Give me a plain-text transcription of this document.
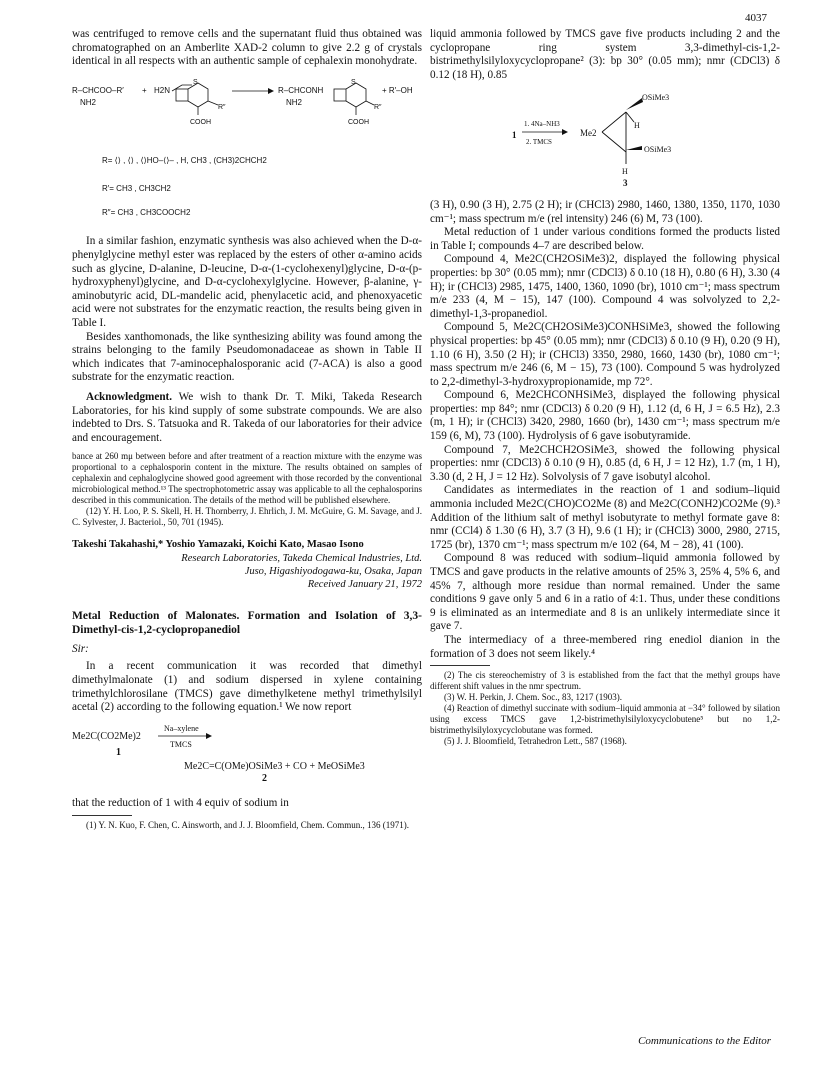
4037

was centrifuged to remove cells and the supernatant fluid thus obtained was chromatographed on an Amberlite XAD-2 column to give 2.2 g of crystals identical in all respects with an authentic sample of cephalexin monohydrate.

R–CHCOO–R′
NH2
+ H2N
S
COOH
R″
R–CHCONH
NH2
S
COOH
R″
+ R′–OH
R= ⟨⟩ , ⟨⟩ , ⟨⟩HO–⟨⟩– , H, CH3 , (CH3)2CHCH2
R′= CH3 , CH3CH2
R″= CH3 , CH3COOCH2

In a similar fashion, enzymatic synthesis was also achieved when the D-α-phenylglycine methyl ester was replaced by the esters of other α-amino acids such as glycine, D-alanine, D-leucine, D-α-(1-cyclohexenyl)glycine, D-α-(p-hydroxyphenyl)glycine, and D-α-cyclohexylglycine. However, β-alanine, γ-aminobutyric acid, DL-mandelic acid, phenylacetic acid, and phenoxyacetic acid were not substrates for the enzymatic reaction, the results being given in Table I.

Besides xanthomonads, the like synthesizing ability was found among the strains belonging to the family Pseudomonadaceae as shown in Table II which indicates that 7-aminocephalosporanic acid (7-ACA) is also a good substrate for the enzymatic reaction.

Acknowledgment. We wish to thank Dr. T. Miki, Takeda Research Laboratories, for his kind supply of some substrate compounds. We are also indebted to Drs. S. Tatsuoka and R. Takeda of our laboratories for their advice and encouragement.

bance at 260 mμ between before and after treatment of a reaction mixture with the enzyme was proportional to a cephalosporin content in the mixture. The results obtained on samples of cephalexin and cephaloglycine showed good agreement with those recorded by the conventional microbiological method.¹³ The spectrophotometric assay was applicable to all the cephalosporins described in this communication. The details of the method will be published elsewhere.

(12) Y. H. Loo, P. S. Skell, H. H. Thornberry, J. Ehrlich, J. M. McGuire, G. M. Savage, and J. C. Sylvester, J. Bacteriol., 50, 701 (1945).

Takeshi Takahashi,* Yoshio Yamazaki, Koichi Kato, Masao Isono

Research Laboratories, Takeda Chemical Industries, Ltd.

Juso, Higashiyodogawa-ku, Osaka, Japan

Received January 21, 1972

Metal Reduction of Malonates. Formation and Isolation of 3,3-Dimethyl-cis-1,2-cyclopropanediol

Sir:

In a recent communication it was recorded that dimethyl dimethylmalonate (1) and sodium dispersed in xylene containing trimethylchlorosilane (TMCS) gave dimethylketene methyl trimethylsilyl acetal (2) according to the following equation.¹ We now report

Me2C(CO2Me)2
Na–xylene
TMCS
1
Me2C=C(OMe)OSiMe3 + CO + MeOSiMe3
2

that the reduction of 1 with 4 equiv of sodium in

(1) Y. N. Kuo, F. Chen, C. Ainsworth, and J. J. Bloomfield, Chem. Commun., 136 (1971).

liquid ammonia followed by TMCS gave five products including 2 and the cyclopropane ring system 3,3-dimethyl-cis-1,2-bistrimethylsilyloxycyclopropane² (3): bp 30° (0.05 mm); nmr (CDCl3) δ 0.12 (18 H), 0.85

1
1. 4Na–NH3
2. TMCS
Me2
OSiMe3
H
OSiMe3
H
3

(3 H), 0.90 (3 H), 2.75 (2 H); ir (CHCl3) 2980, 1460, 1380, 1350, 1170, 1030 cm⁻¹; mass spectrum m/e (rel intensity) 246 (6) M, 73 (100).

Metal reduction of 1 under various conditions formed the products listed in Table I; compounds 4–7 are described below.

Compound 4, Me2C(CH2OSiMe3)2, displayed the following physical properties: bp 30° (0.05 mm); nmr (CDCl3) δ 0.10 (18 H), 0.80 (6 H), 3.30 (4 H); ir (CHCl3) 2985, 1475, 1400, 1360, 1090 (br), 1010 cm⁻¹; mass spectrum m/e 233 (4, M − 15), 147 (100). Compound 4 was solvolyzed to 2,2-dimethyl-1,3-propanediol.

Compound 5, Me2C(CH2OSiMe3)CONHSiMe3, showed the following physical properties: bp 45° (0.05 mm); nmr (CDCl3) δ 0.10 (9 H), 0.20 (9 H), 1.10 (6 H), 3.50 (2 H); ir (CHCl3) 3350, 2980, 1660, 1430 (br), 1080 cm⁻¹; mass spectrum m/e 246 (6, M − 15), 73 (100). Compound 5 was hydrolyzed to 2,2-dimethyl-3-hydroxypropionamide, mp 72°.

Compound 6, Me2CHCONHSiMe3, displayed the following physical properties: mp 84°; nmr (CDCl3) δ 0.20 (9 H), 1.12 (d, 6 H, J = 6.5 Hz), 2.3 (m, 1 H); ir (CHCl3) 3420, 2980, 1660 (br), 1430 cm⁻¹; mass spectrum m/e 159 (6, M), 73 (100). Hydrolysis of 6 gave isobutyramide.

Compound 7, Me2CHCH2OSiMe3, showed the following physical properties: nmr (CDCl3) δ 0.10 (9 H), 0.85 (d, 6 H, J = 12 Hz), 1.7 (m, 1 H), 3.30 (d, 2 H, J = 12 Hz). Solvolysis of 7 gave isobutyl alcohol.

Candidates as intermediates in the reaction of 1 and sodium–liquid ammonia included Me2C(CHO)CO2Me (8) and Me2C(CONH2)CO2Me (9).³ Addition of the lithium salt of methyl isobutyrate to methyl formate gave 8: nmr (CCl4) δ 1.30 (6 H), 3.7 (3 H), 9.6 (1 H); ir (CHCl3) 3000, 2980, 2715, 1725 (br), 1370 cm⁻¹; mass spectrum m/e 102 (64, M − 28), 41 (100).

Compound 8 was reduced with sodium–liquid ammonia followed by TMCS and gave products in the relative amounts of 25% 3, 25% 4, 5% 6, and 45% 7, although more residue than normal remained. Under the same conditions 9 gave only 5 and 6 in a ratio of 4:1. Thus, under these conditions 9 is eliminated as an intermediate and 8 is an unlikely intermediate since it gave 7.

The intermediacy of a three-membered ring enediol dianion in the formation of 3 does not seem likely.⁴

(2) The cis stereochemistry of 3 is established from the fact that the methyl groups have different shift values in the nmr spectrum.

(3) W. H. Perkin, J. Chem. Soc., 83, 1217 (1903).

(4) Reaction of dimethyl succinate with sodium–liquid ammonia at −34° followed by silation using excess TMCS gave 1,2-bistrimethylsilyloxycyclobutene⁵ but no 1,2-bistrimethylsilyloxycyclobutane was formed.

(5) J. J. Bloomfield, Tetrahedron Lett., 587 (1968).

Communications to the Editor
